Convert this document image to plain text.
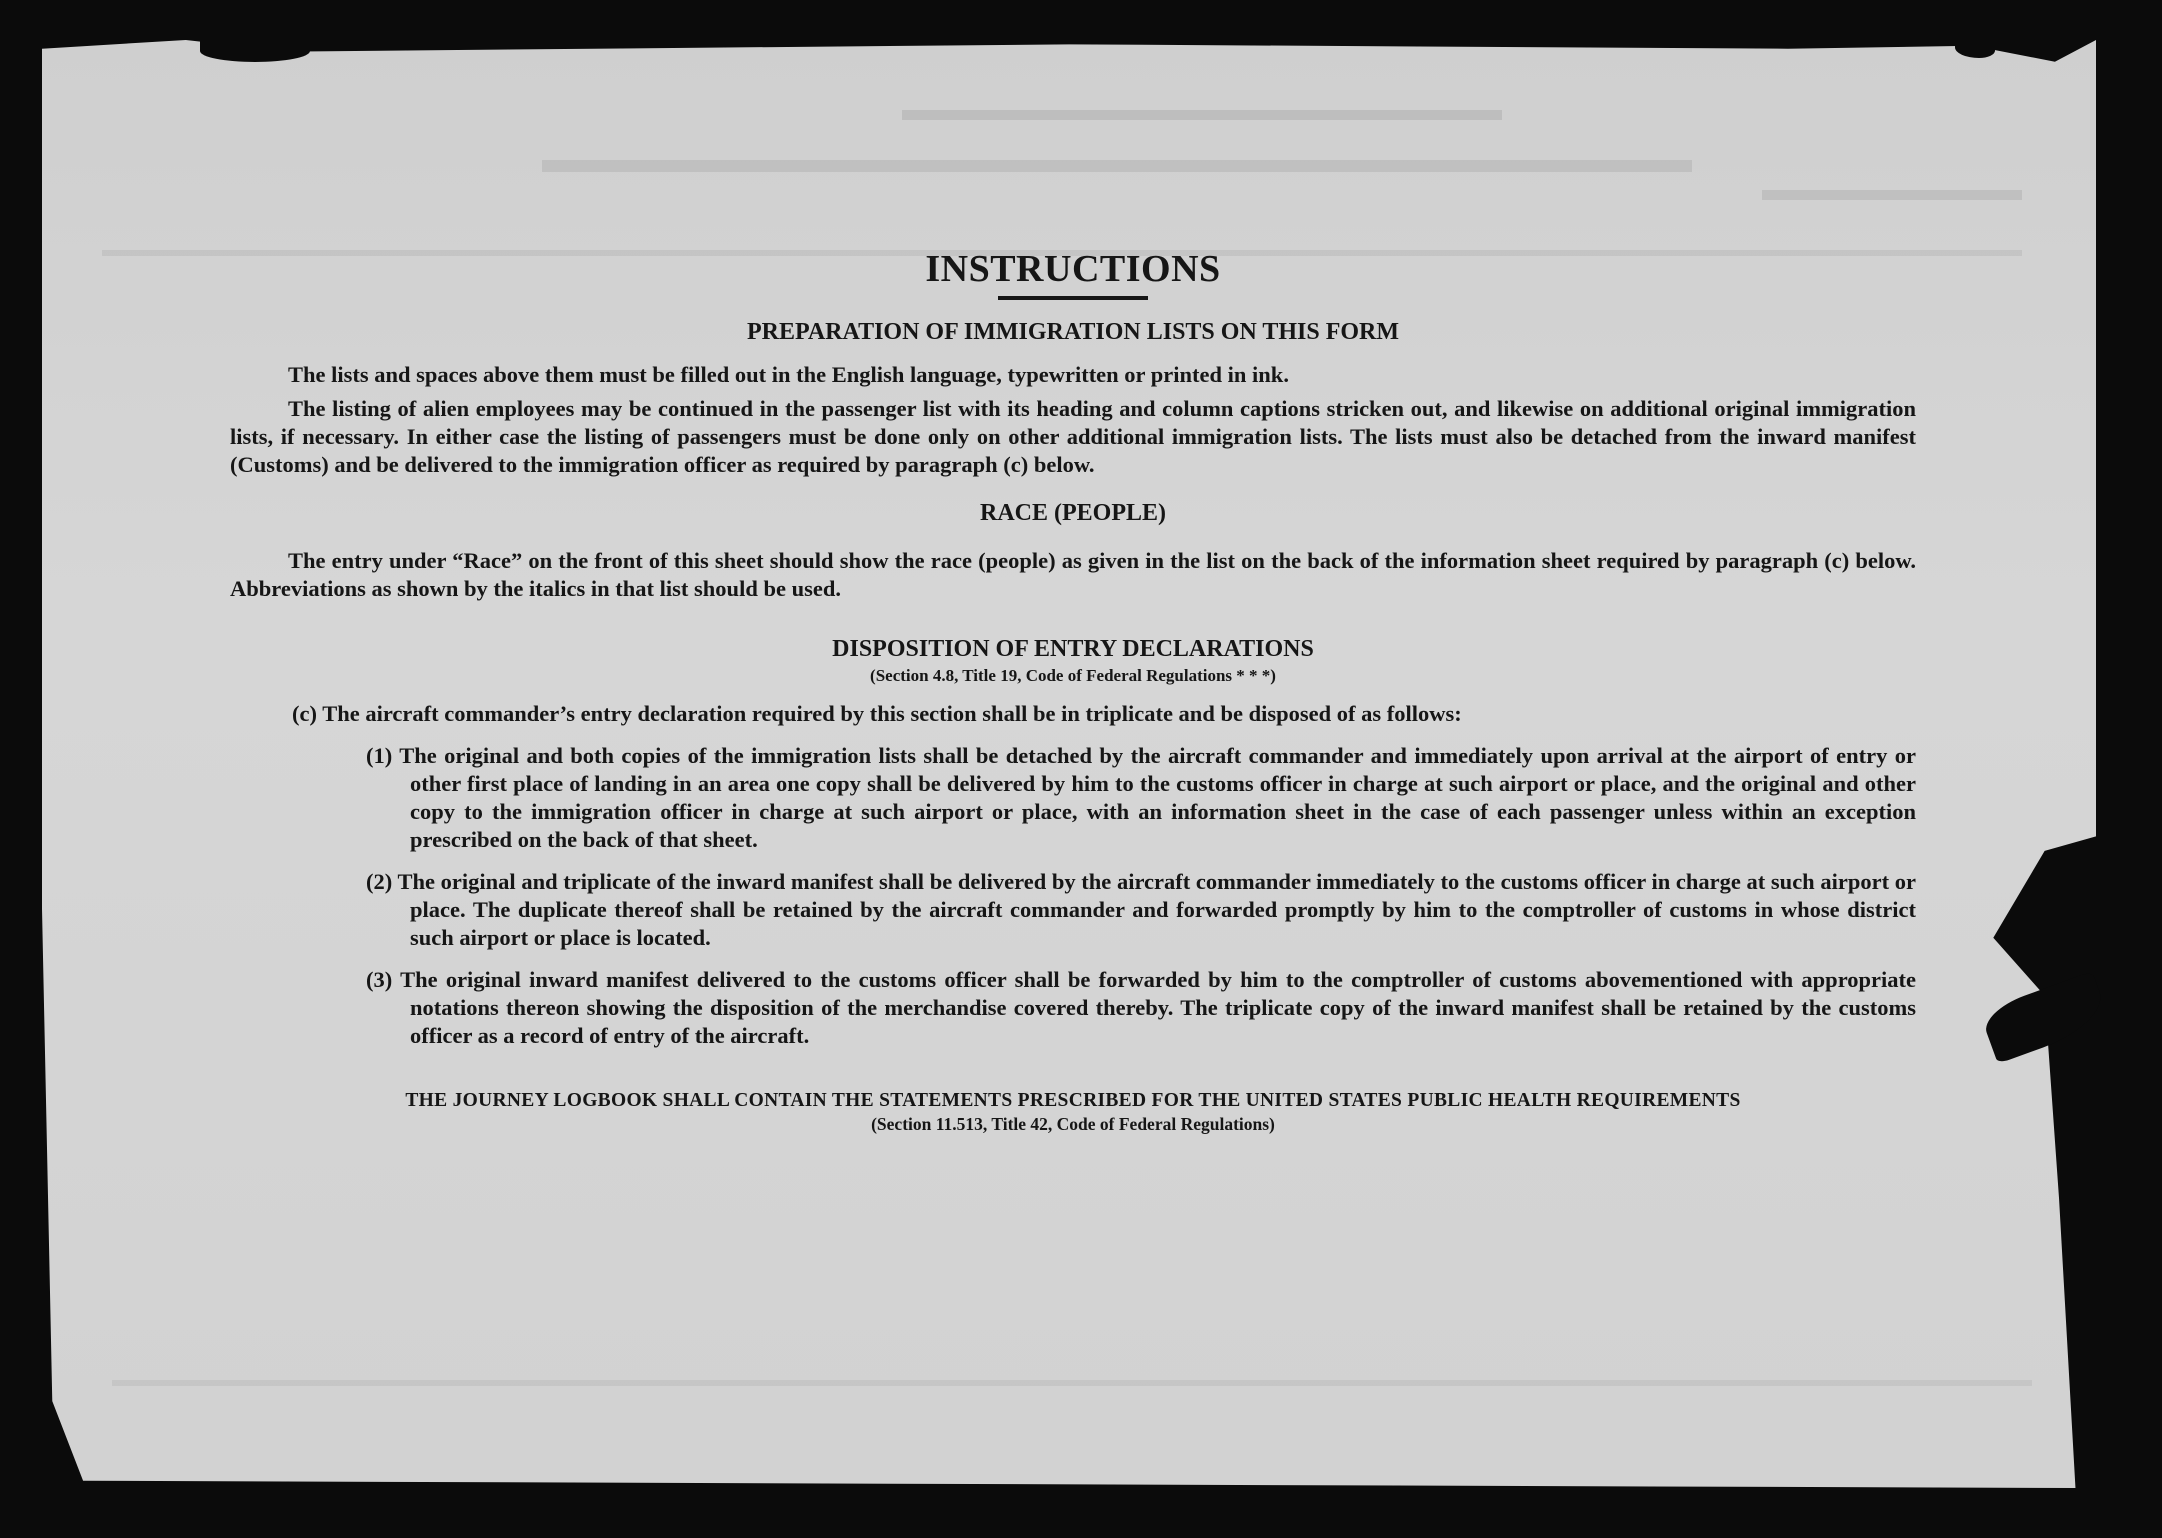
INSTRUCTIONS
PREPARATION OF IMMIGRATION LISTS ON THIS FORM

The lists and spaces above them must be filled out in the English language, typewritten or printed in ink.

The listing of alien employees may be continued in the passenger list with its heading and column captions stricken out, and likewise on additional original immigration lists, if necessary. In either case the listing of passengers must be done only on other additional immigration lists. The lists must also be detached from the inward manifest (Customs) and be delivered to the immigration officer as required by paragraph (c) below.

RACE (PEOPLE)

The entry under “Race” on the front of this sheet should show the race (people) as given in the list on the back of the information sheet required by paragraph (c) below. Abbreviations as shown by the italics in that list should be used.

DISPOSITION OF ENTRY DECLARATIONS
(Section 4.8, Title 19, Code of Federal Regulations * * *)

(c) The aircraft commander’s entry declaration required by this section shall be in triplicate and be disposed of as follows:

(1) The original and both copies of the immigration lists shall be detached by the aircraft commander and immediately upon arrival at the airport of entry or other first place of landing in an area one copy shall be delivered by him to the customs officer in charge at such airport or place, and the original and other copy to the immigration officer in charge at such airport or place, with an information sheet in the case of each passenger unless within an exception prescribed on the back of that sheet.

(2) The original and triplicate of the inward manifest shall be delivered by the aircraft commander immediately to the customs officer in charge at such airport or place. The duplicate thereof shall be retained by the aircraft commander and forwarded promptly by him to the comptroller of customs in whose district such airport or place is located.

(3) The original inward manifest delivered to the customs officer shall be forwarded by him to the comptroller of customs abovementioned with appropriate notations thereon showing the disposition of the merchandise covered thereby. The triplicate copy of the inward manifest shall be retained by the customs officer as a record of entry of the aircraft.

THE JOURNEY LOGBOOK SHALL CONTAIN THE STATEMENTS PRESCRIBED FOR THE UNITED STATES PUBLIC HEALTH REQUIREMENTS
(Section 11.513, Title 42, Code of Federal Regulations)
